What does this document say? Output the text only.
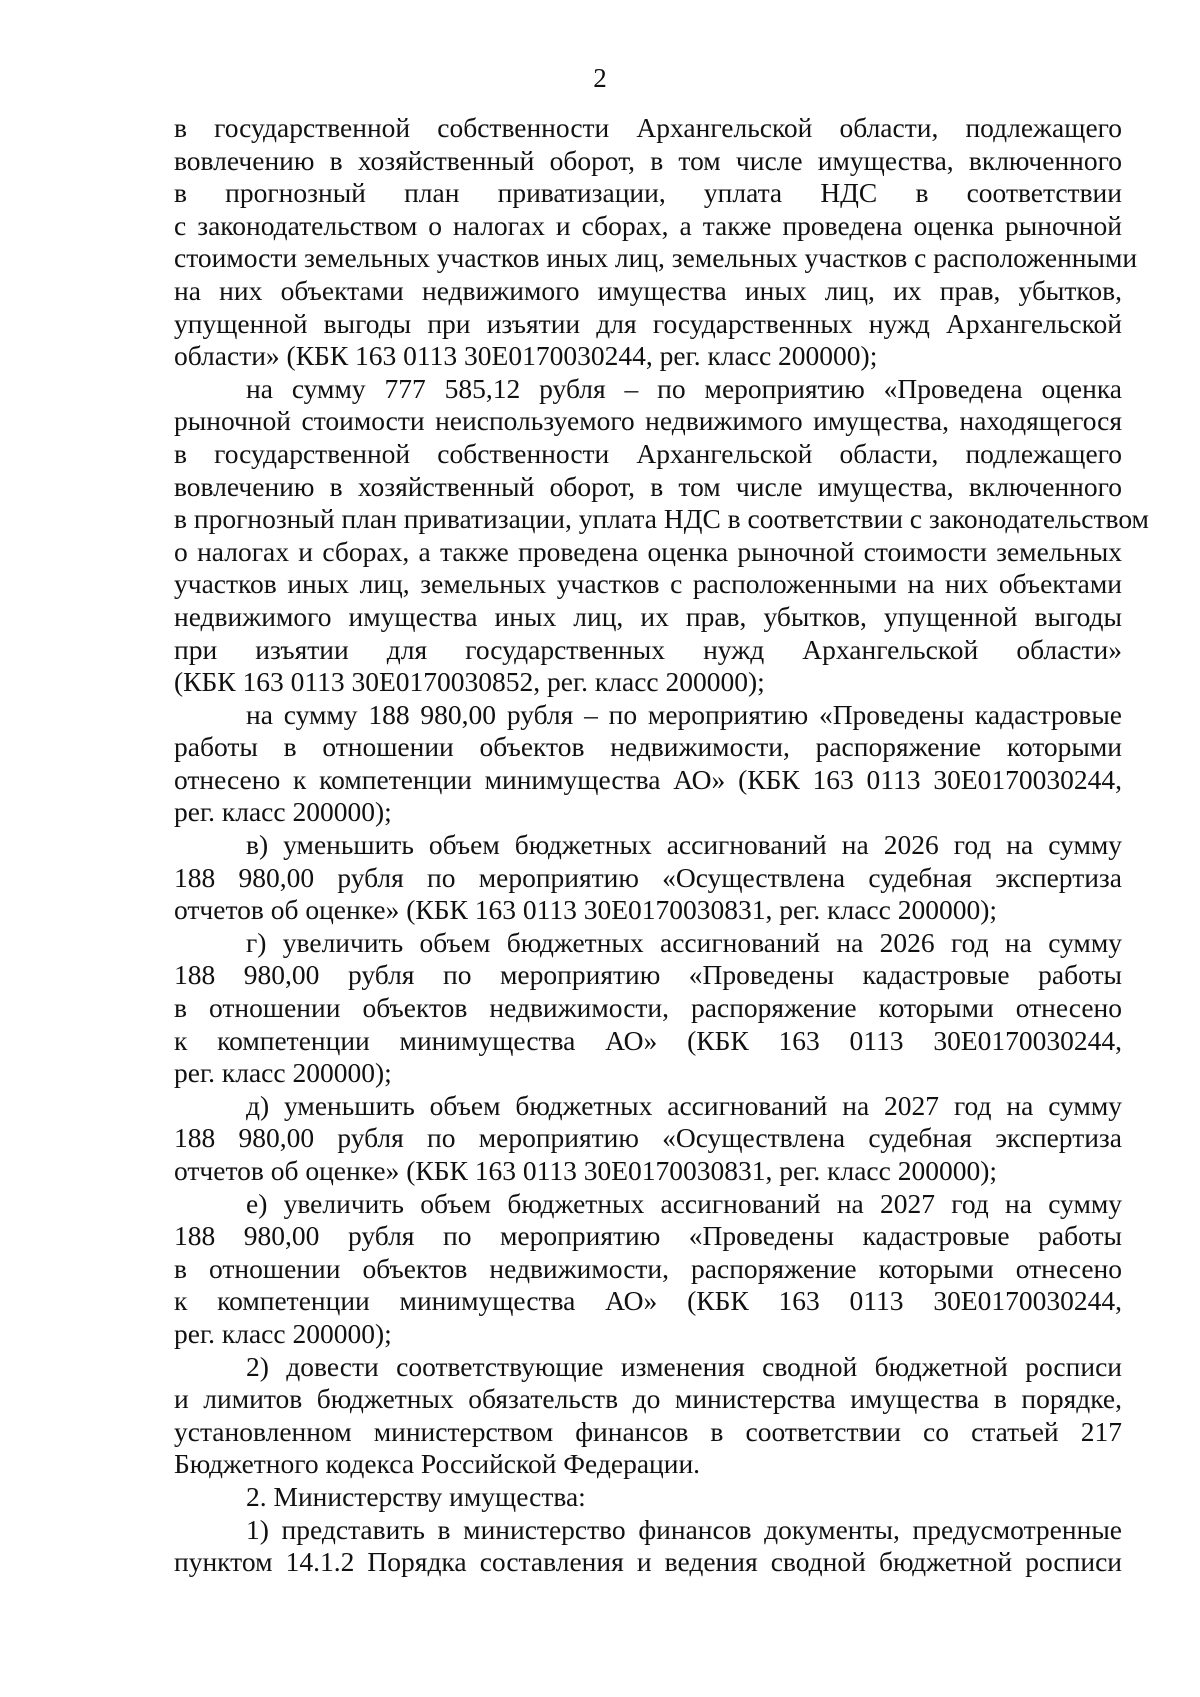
2
в государственной собственности Архангельской области, подлежащего
вовлечению в хозяйственный оборот, в том числе имущества, включенного
в прогнозный план приватизации, уплата НДС в соответствии
с законодательством о налогах и сборах, а также проведена оценка рыночной
стоимости земельных участков иных лиц, земельных участков с расположенными
на них объектами недвижимого имущества иных лиц, их прав, убытков,
упущенной выгоды при изъятии для государственных нужд Архангельской
области» (КБК 163 0113 30Е0170030244, рег. класс 200000);
на сумму 777 585,12 рубля – по мероприятию «Проведена оценка
рыночной стоимости неиспользуемого недвижимого имущества, находящегося
в государственной собственности Архангельской области, подлежащего
вовлечению в хозяйственный оборот, в том числе имущества, включенного
в прогнозный план приватизации, уплата НДС в соответствии с законодательством
о налогах и сборах, а также проведена оценка рыночной стоимости земельных
участков иных лиц, земельных участков с расположенными на них объектами
недвижимого имущества иных лиц, их прав, убытков, упущенной выгоды
при изъятии для государственных нужд Архангельской области»
(КБК 163 0113 30Е0170030852, рег. класс 200000);
на сумму 188 980,00 рубля – по мероприятию «Проведены кадастровые
работы в отношении объектов недвижимости, распоряжение которыми
отнесено к компетенции минимущества АО» (КБК 163 0113 30Е0170030244,
рег. класс 200000);
в) уменьшить объем бюджетных ассигнований на 2026 год на сумму
188 980,00 рубля по мероприятию «Осуществлена судебная экспертиза
отчетов об оценке» (КБК 163 0113 30Е0170030831, рег. класс 200000);
г) увеличить объем бюджетных ассигнований на 2026 год на сумму
188 980,00 рубля по мероприятию «Проведены кадастровые работы
в отношении объектов недвижимости, распоряжение которыми отнесено
к компетенции минимущества АО» (КБК 163 0113 30Е0170030244,
рег. класс 200000);
д) уменьшить объем бюджетных ассигнований на 2027 год на сумму
188 980,00 рубля по мероприятию «Осуществлена судебная экспертиза
отчетов об оценке» (КБК 163 0113 30Е0170030831, рег. класс 200000);
е) увеличить объем бюджетных ассигнований на 2027 год на сумму
188 980,00 рубля по мероприятию «Проведены кадастровые работы
в отношении объектов недвижимости, распоряжение которыми отнесено
к компетенции минимущества АО» (КБК 163 0113 30Е0170030244,
рег. класс 200000);
2) довести соответствующие изменения сводной бюджетной росписи
и лимитов бюджетных обязательств до министерства имущества в порядке,
установленном министерством финансов в соответствии со статьей 217
Бюджетного кодекса Российской Федерации.
2. Министерству имущества:
1) представить в министерство финансов документы, предусмотренные
пунктом 14.1.2 Порядка составления и ведения сводной бюджетной росписи
